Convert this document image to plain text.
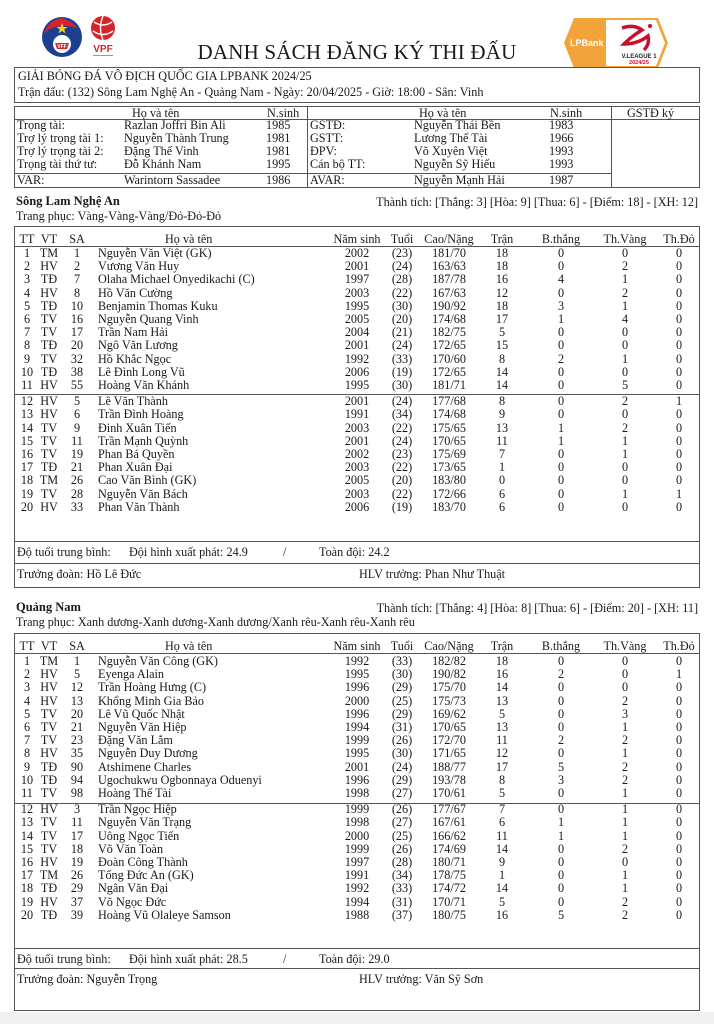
VFF	VPF
LPBank
V.LEAGUE 1
2024/25
DANH SÁCH ĐĂNG KÝ THI ĐẤU
GIẢI BÓNG ĐÁ VÔ ĐỊCH QUỐC GIA LPBANK 2024/25
Trận đấu: (132) Sông Lam Nghệ An - Quảng Nam - Ngày: 20/04/2025 - Giờ: 18:00 - Sân: Vinh
Họ và tên	N.sinh	Họ và tên	N.sinh	GSTĐ ký
Trọng tài:	Razlan Joffri Bin Ali	1985 GSTĐ:	Nguyễn Thái Bền	1983
Trợ lý trọng tài 1: Nguyễn Thành Trung	1981 GSTT:	Lương Thế Tài	1966
Trợ lý trọng tài 2: Đặng Thế Vinh	1981 ĐPV:	Võ Xuyên Việt	1993
Trọng tài thứ tư: Đỗ Khánh Nam	1995 Cán bộ TT:	Nguyễn Sỹ Hiếu	1993
VAR:	Warintorn Sassadee	1986 AVAR:	Nguyễn Mạnh Hải	1987
Sông Lam Nghệ An	Thành tích: [Thắng: 3] [Hòa: 9] [Thua: 6] - [Điểm: 18] - [XH: 12]
Trang phục: Vàng-Vàng-Vàng/Đỏ-Đỏ-Đỏ
TT VT SA	Họ và tên	Năm sinh Tuổi Cao/Nặng	Trận	B.thắng Th.Vàng	Th.Đỏ
1 TM	1	Nguyễn Văn Việt (GK)	2002	(23)	181/70	18	0	0	0
2 HV	2	Vương Văn Huy	2001	(24)	163/63	18	0	2	0
3 TĐ	7	Olaha Michael Onyedikachi (C)	1997	(28)	187/78	16	4	1	0
4 HV	8	Hồ Văn Cường	2003	(22)	167/63	12	0	2	0
5 TĐ	10	Benjamin Thomas Kuku	1995	(30)	190/92	18	3	1	0
6 TV	16	Nguyễn Quang Vinh	2005	(20)	174/68	17	1	4	0
7 TV	17	Trần Nam Hải	2004	(21)	182/75	5	0	0	0
8 TĐ	20	Ngô Văn Lương	2001	(24)	172/65	15	0	0	0
9 TV	32	Hồ Khắc Ngọc	1992	(33)	170/60	8	2	1	0
10 TĐ	38	Lê Đình Long Vũ	2006	(19)	172/65	14	0	0	0
11 HV	55	Hoàng Văn Khánh	1995	(30)	181/71	14	0	5	0
12 HV	5	Lê Văn Thành	2001	(24)	177/68	8	0	2	1
13 HV	6	Trần Đình Hoàng	1991	(34)	174/68	9	0	0	0
14 TV	9	Đinh Xuân Tiến	2003	(22)	175/65	13	1	2	0
15 TV	11	Trần Mạnh Quỳnh	2001	(24)	170/65	11	1	1	0
16 TV	19	Phan Bá Quyền	2002	(23)	175/69	7	0	1	0
17 TĐ	21	Phan Xuân Đại	2003	(22)	173/65	1	0	0	0
18 TM	26	Cao Văn Bình (GK)	2005	(20)	183/80	0	0	0	0
19 TV	28	Nguyễn Văn Bách	2003	(22)	172/66	6	0	1	1
20 HV	33	Phan Văn Thành	2006	(19)	183/70	6	0	0	0
Độ tuổi trung bình: Đội hình xuất phát: 24.9	/	Toàn đội: 24.2
Trưởng đoàn: Hồ Lê Đức	HLV trưởng: Phan Như Thuật
Quảng Nam	Thành tích: [Thắng: 4] [Hòa: 8] [Thua: 6] - [Điểm: 20] - [XH: 11]
Trang phục: Xanh dương-Xanh dương-Xanh dương/Xanh rêu-Xanh rêu-Xanh rêu
TT VT SA	Họ và tên	Năm sinh Tuổi Cao/Nặng	Trận	B.thắng Th.Vàng	Th.Đỏ
1 TM	1	Nguyễn Văn Công (GK)	1992	(33)	182/82	18	0	0	0
2 HV	5	Eyenga Alain	1995	(30)	190/82	16	2	0	1
3 HV	12	Trần Hoàng Hưng (C)	1996	(29)	175/70	14	0	0	0
4 HV	13	Khổng Minh Gia Bảo	2000	(25)	175/73	13	0	2	0
5 TV	20	Lê Vũ Quốc Nhật	1996	(29)	169/62	5	0	3	0
6 TV	21	Nguyễn Văn Hiệp	1994	(31)	170/65	13	0	1	0
7 TV	23	Đặng Văn Lắm	1999	(26)	172/70	11	2	2	0
8 HV	35	Nguyễn Duy Dương	1995	(30)	171/65	12	0	1	0
9 TĐ	90	Atshimene Charles	2001	(24)	188/77	17	5	2	0
10 TĐ	94	Ugochukwu Ogbonnaya Oduenyi	1996	(29)	193/78	8	3	2	0
11 TV	98	Hoàng Thế Tài	1998	(27)	170/61	5	0	1	0
12 HV	3	Trần Ngọc Hiệp	1999	(26)	177/67	7	0	1	0
13 TV	11	Nguyễn Văn Trạng	1998	(27)	167/61	6	1	1	0
14 TV	17	Uông Ngọc Tiến	2000	(25)	166/62	11	1	1	0
15 TV	18	Võ Văn Toàn	1999	(26)	174/69	14	0	2	0
16 HV	19	Đoàn Công Thành	1997	(28)	180/71	9	0	0	0
17 TM	26	Tống Đức An (GK)	1991	(34)	178/75	1	0	1	0
18 TĐ	29	Ngân Văn Đại	1992	(33)	174/72	14	0	1	0
19 HV	37	Võ Ngọc Đức	1994	(31)	170/71	5	0	2	0
20 TĐ	39	Hoàng Vũ Olaleye Samson	1988	(37)	180/75	16	5	2	0
Độ tuổi trung bình: Đội hình xuất phát: 28.5	/	Toàn đội: 29.0
Trưởng đoàn: Nguyễn Trọng	HLV trưởng: Văn Sỹ Sơn
